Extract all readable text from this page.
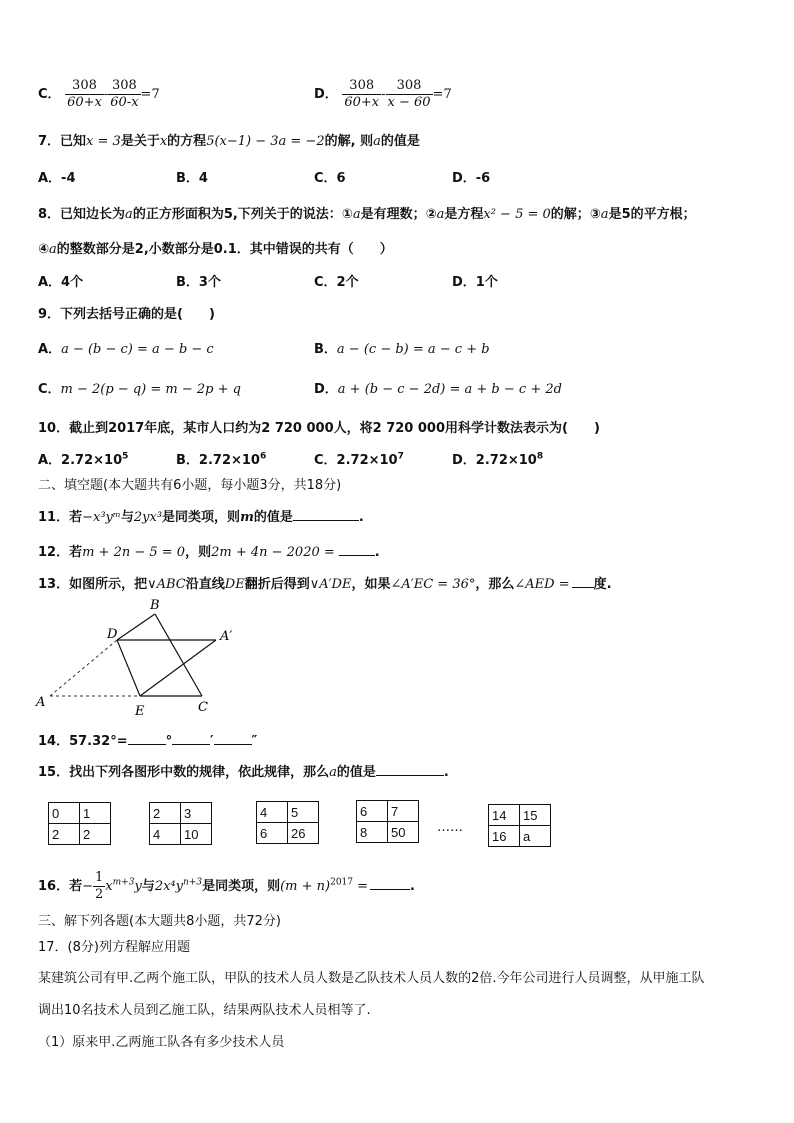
C． $\frac{308}{60+x} - \frac{308}{60-x} =7$	D． $\frac{308}{60+x} - \frac{308}{x - 60} =7$
7．已知x = 3是关于x的方程5(x−1) − 3a = −2的解, 则a的值是
A．-4	B．4	C．6	D．-6
8．已知边长为a的正方形面积为5,下列关于的说法：①a是有理数；②a是方程x² − 5 = 0的解；③a是5的平方根；
④a的整数部分是2,小数部分是0.1．其中错误的共有（　　）
A．4个	B．3个	C．2个	D．1个
9．下列去括号正确的是(　　)
A．a − (b − c) = a − b − c	B．a − (c − b) = a − c + b
C．m − 2(p − q) = m − 2p + q	D．a + (b − c − 2d) = a + b − c + 2d
10．截止到2017年底，某市人口约为2 720 000人，将2 720 000用科学计数法表示为(　　)
A．$2.72\times 10^5$	B．$2.72\times 10^6$	C．$2.72\times 10^7$	D．$2.72\times 10^8$
二、填空题(本大题共有6小题，每小题3分，共18分)
11．若−x³yᵐ与2yx³是同类项，则m的值是	.
12．若m + 2n − 5 = 0，则2m + 4n − 2020 =	.
13．如图所示，把∨ABC沿直线DE翻折后得到∨A′DE，如果∠A′EC = 36°，那么∠AED = 度.
B
D	A′
A
E	C
14．57.32°=	°	′	″
15．找出下列各图形中数的规律，依此规律，那么a的值是	.
0	1
2	2
2	3
4	10
4	5
6	26
6	7
8	50 ……
14	15
16	a
16．若− $\frac{1}{2} x^{m+3}y$与$2x^4y^{n+3}$是同类项，则$(m + n)^{2017}$ =	.
三、解下列各题(本大题共8小题，共72分)
17．(8分)列方程解应用题
某建筑公司有甲.乙两个施工队，甲队的技术人员人数是乙队技术人员人数的2倍.今年公司进行人员调整，从甲施工队
调出10名技术人员到乙施工队，结果两队技术人员相等了.
（1）原来甲.乙两施工队各有多少技术人员
